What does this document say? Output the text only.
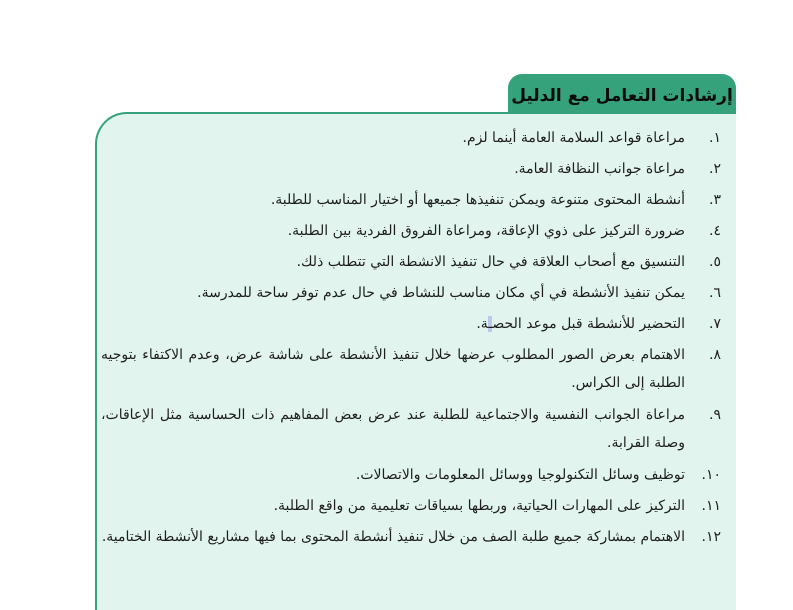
إرشادات التعامل مع الدليل
١.
مراعاة قواعد السلامة العامة أينما لزم.
٢.
مراعاة جوانب النظافة العامة.
٣.
أنشطة المحتوى متنوعة ويمكن تنفيذها جميعها أو اختيار المناسب للطلبة.
٤.
ضرورة التركيز على ذوي الإعاقة، ومراعاة الفروق الفردية بين الطلبة.
٥.
التنسيق مع أصحاب العلاقة في حال تنفيذ الانشطة التي تتطلب ذلك.
٦.
يمكن تنفيذ الأنشطة في أي مكان مناسب للنشاط في حال عدم توفر ساحة للمدرسة.
٧.
التحضير للأنشطة قبل موعد الحصـة.
٨.
الاهتمام بعرض الصور المطلوب عرضها خلال تنفيذ الأنشطة على شاشة عرض، وعدم الاكتفاء بتوجيه الطلبة إلى الكراس.
٩.
مراعاة الجوانب النفسية والاجتماعية للطلبة عند عرض بعض المفاهيم ذات الحساسية مثل الإعاقات، وصلة القرابة.
١٠.
توظيف وسائل التكنولوجيا ووسائل المعلومات والاتصالات.
١١.
التركيز على المهارات الحياتية، وربطها بسياقات تعليمية من واقع الطلبة.
١٢.
الاهتمام بمشاركة جميع طلبة الصف من خلال تنفيذ أنشطة المحتوى بما فيها مشاريع الأنشطة الختامية.
